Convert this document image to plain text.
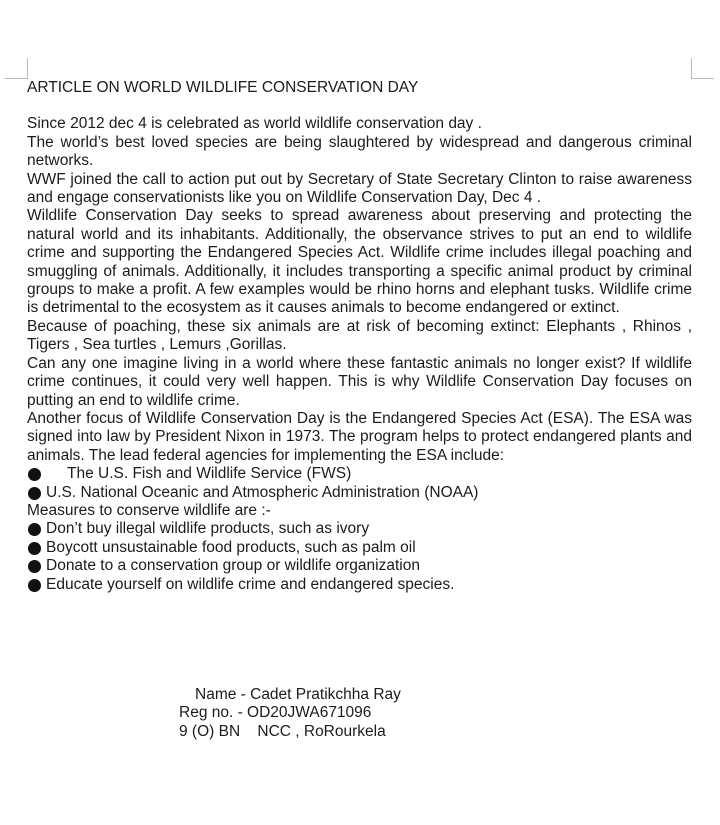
ARTICLE ON WORLD WILDLIFE CONSERVATION DAY

Since 2012 dec 4 is celebrated as world wildlife conservation day .

The world’s best loved species are being slaughtered by widespread and dangerous criminal networks.

WWF joined the call to action put out by Secretary of State Secretary Clinton to raise awareness and engage conservationists like you on Wildlife Conservation Day, Dec 4 .

Wildlife Conservation Day seeks to spread awareness about preserving and protecting the natural world and its inhabitants. Additionally, the observance strives to put an end to wildlife crime and supporting the Endangered Species Act. Wildlife crime includes illegal poaching and smuggling of animals. Additionally, it includes transporting a specific animal product by criminal groups to make a profit. A few examples would be rhino horns and elephant tusks. Wildlife crime is detrimental to the ecosystem as it causes animals to become endangered or extinct.

Because of poaching, these six animals are at risk of becoming extinct: Elephants , Rhinos , Tigers , Sea turtles , Lemurs ,Gorillas.

Can any one imagine living in a world where these fantastic animals no longer exist? If wildlife crime continues, it could very well happen. This is why Wildlife Conservation Day focuses on putting an end to wildlife crime.

Another focus of Wildlife Conservation Day is the Endangered Species Act (ESA). The ESA was signed into law by President Nixon in 1973. The program helps to protect endangered plants and animals. The lead federal agencies for implementing the ESA include:

The U.S. Fish and Wildlife Service (FWS)
U.S. National Oceanic and Atmospheric Administration (NOAA)

Measures to conserve wildlife are :-

Don’t buy illegal wildlife products, such as ivory
Boycott unsustainable food products, such as palm oil
Donate to a conservation group or wildlife organization
Educate yourself on wildlife crime and endangered species.
Name - Cadet Pratikchha Ray
Reg no. - OD20JWA671096
9 (O) BN    NCC , RoRourkela
